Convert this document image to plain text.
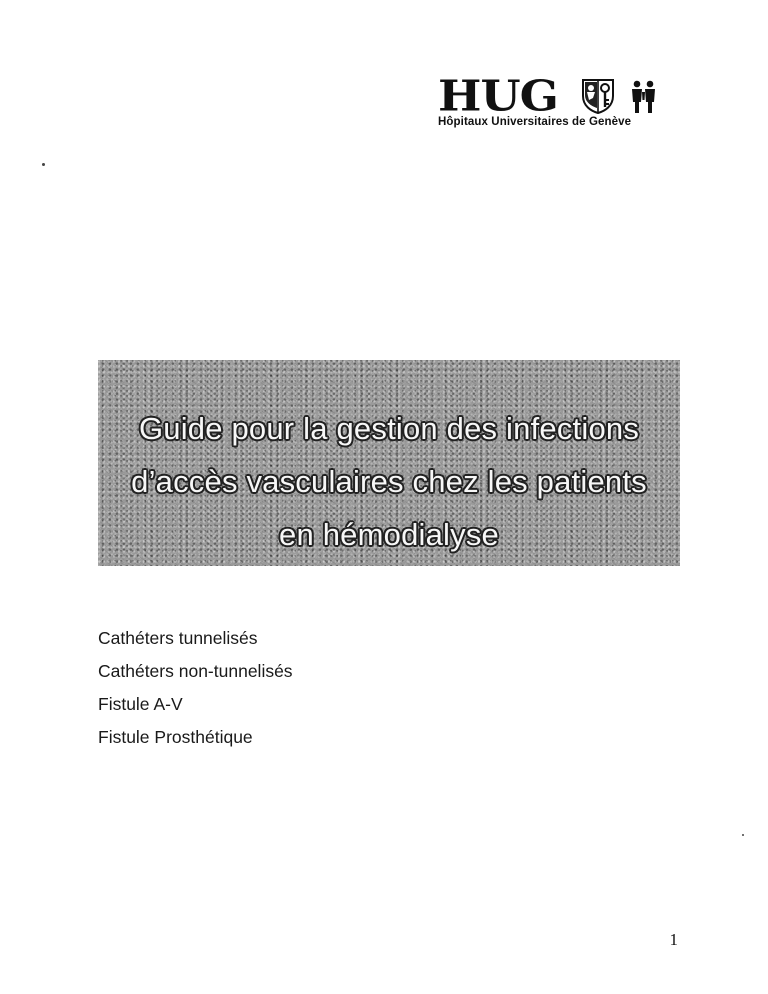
HUG
Hôpitaux Universitaires de Genève
Guide pour la gestion des infections
d’accès vasculaires chez les patients
en hémodialyse
Cathéters tunnelisés
Cathéters non-tunnelisés
Fistule A-V
Fistule Prosthétique
1
